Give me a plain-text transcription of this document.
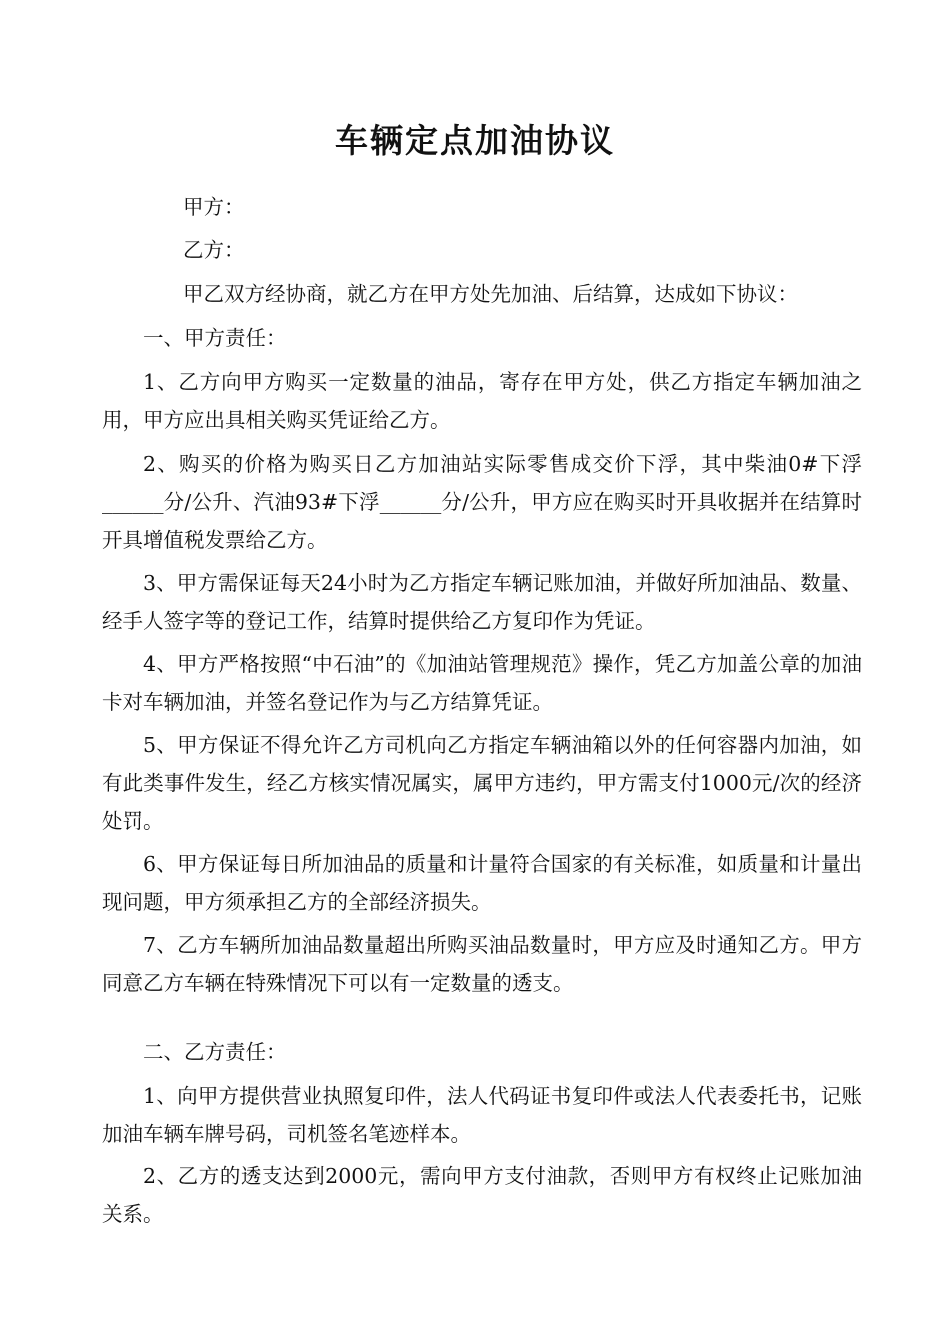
车辆定点加油协议

甲方：

乙方：

甲乙双方经协商，就乙方在甲方处先加油、后结算，达成如下协议：

一、甲方责任：

1、乙方向甲方购买一定数量的油品，寄存在甲方处，供乙方指定车辆加油之用，甲方应出具相关购买凭证给乙方。

2、购买的价格为购买日乙方加油站实际零售成交价下浮，其中柴油0#下浮______分/公升、汽油93#下浮______分/公升，甲方应在购买时开具收据并在结算时开具增值税发票给乙方。

3、甲方需保证每天24小时为乙方指定车辆记账加油，并做好所加油品、数量、经手人签字等的登记工作，结算时提供给乙方复印作为凭证。

4、甲方严格按照“中石油”的《加油站管理规范》操作，凭乙方加盖公章的加油卡对车辆加油，并签名登记作为与乙方结算凭证。

5、甲方保证不得允许乙方司机向乙方指定车辆油箱以外的任何容器内加油，如有此类事件发生，经乙方核实情况属实，属甲方违约，甲方需支付1000元/次的经济处罚。

6、甲方保证每日所加油品的质量和计量符合国家的有关标准，如质量和计量出现问题，甲方须承担乙方的全部经济损失。

7、乙方车辆所加油品数量超出所购买油品数量时，甲方应及时通知乙方。甲方同意乙方车辆在特殊情况下可以有一定数量的透支。

二、乙方责任：

1、向甲方提供营业执照复印件，法人代码证书复印件或法人代表委托书，记账加油车辆车牌号码，司机签名笔迹样本。

2、乙方的透支达到2000元，需向甲方支付油款，否则甲方有权终止记账加油关系。
